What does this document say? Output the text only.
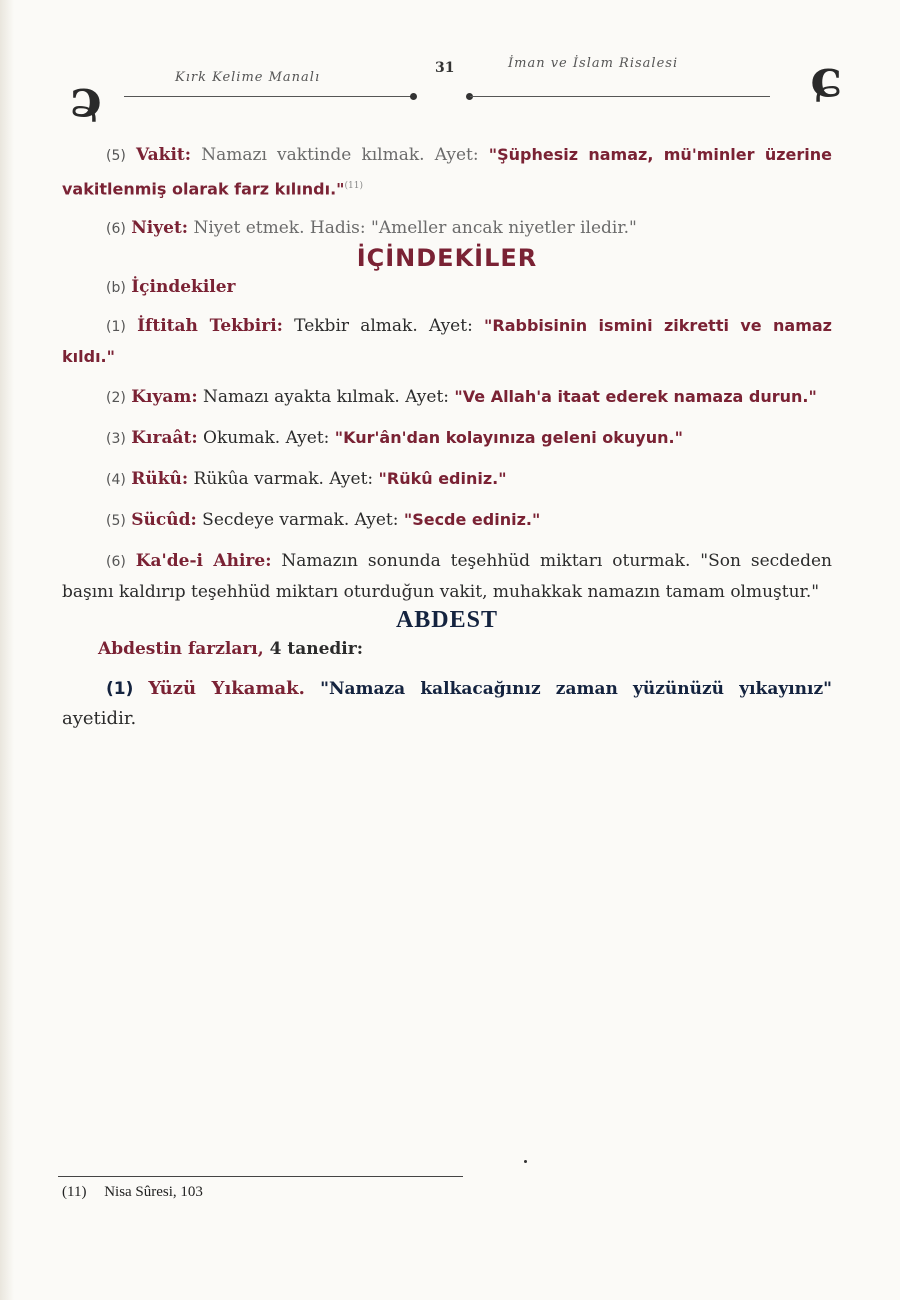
ɕ	Kırk Kelime Manalı
31	İman ve İslam Risalesi	ɕ

(5) Vakit: Namazı vaktinde kılmak. Ayet: "Şüphesiz namaz, mü'minler üzerine vakitlenmiş olarak farz kılındı."$^{(11)}$

(6) Niyet: Niyet etmek. Hadis: "Ameller ancak niyetler iledir."

İÇİNDEKİLER

(b) İçindekiler

(1) İftitah Tekbiri: Tekbir almak. Ayet: "Rabbisinin ismini zikretti ve namaz kıldı."

(2) Kıyam: Namazı ayakta kılmak. Ayet: "Ve Allah'a itaat ederek namaza durun."

(3) Kıraât: Okumak. Ayet: "Kur'ân'dan kolayınıza geleni okuyun."

(4) Rükû: Rükûa varmak. Ayet: "Rükû ediniz."

(5) Sücûd: Secdeye varmak. Ayet: "Secde ediniz."

(6) Ka'de-i Ahire: Namazın sonunda teşehhüd miktarı oturmak. "Son secdeden başını kaldırıp teşehhüd miktarı oturduğun vakit, muhakkak namazın tamam olmuştur."

ABDEST

Abdestin farzları, 4 tanedir:

(1) Yüzü Yıkamak. "Namaza kalkacağınız zaman yüzünüzü yıkayınız" ayetidir.

(11) Nisa Sûresi, 103
